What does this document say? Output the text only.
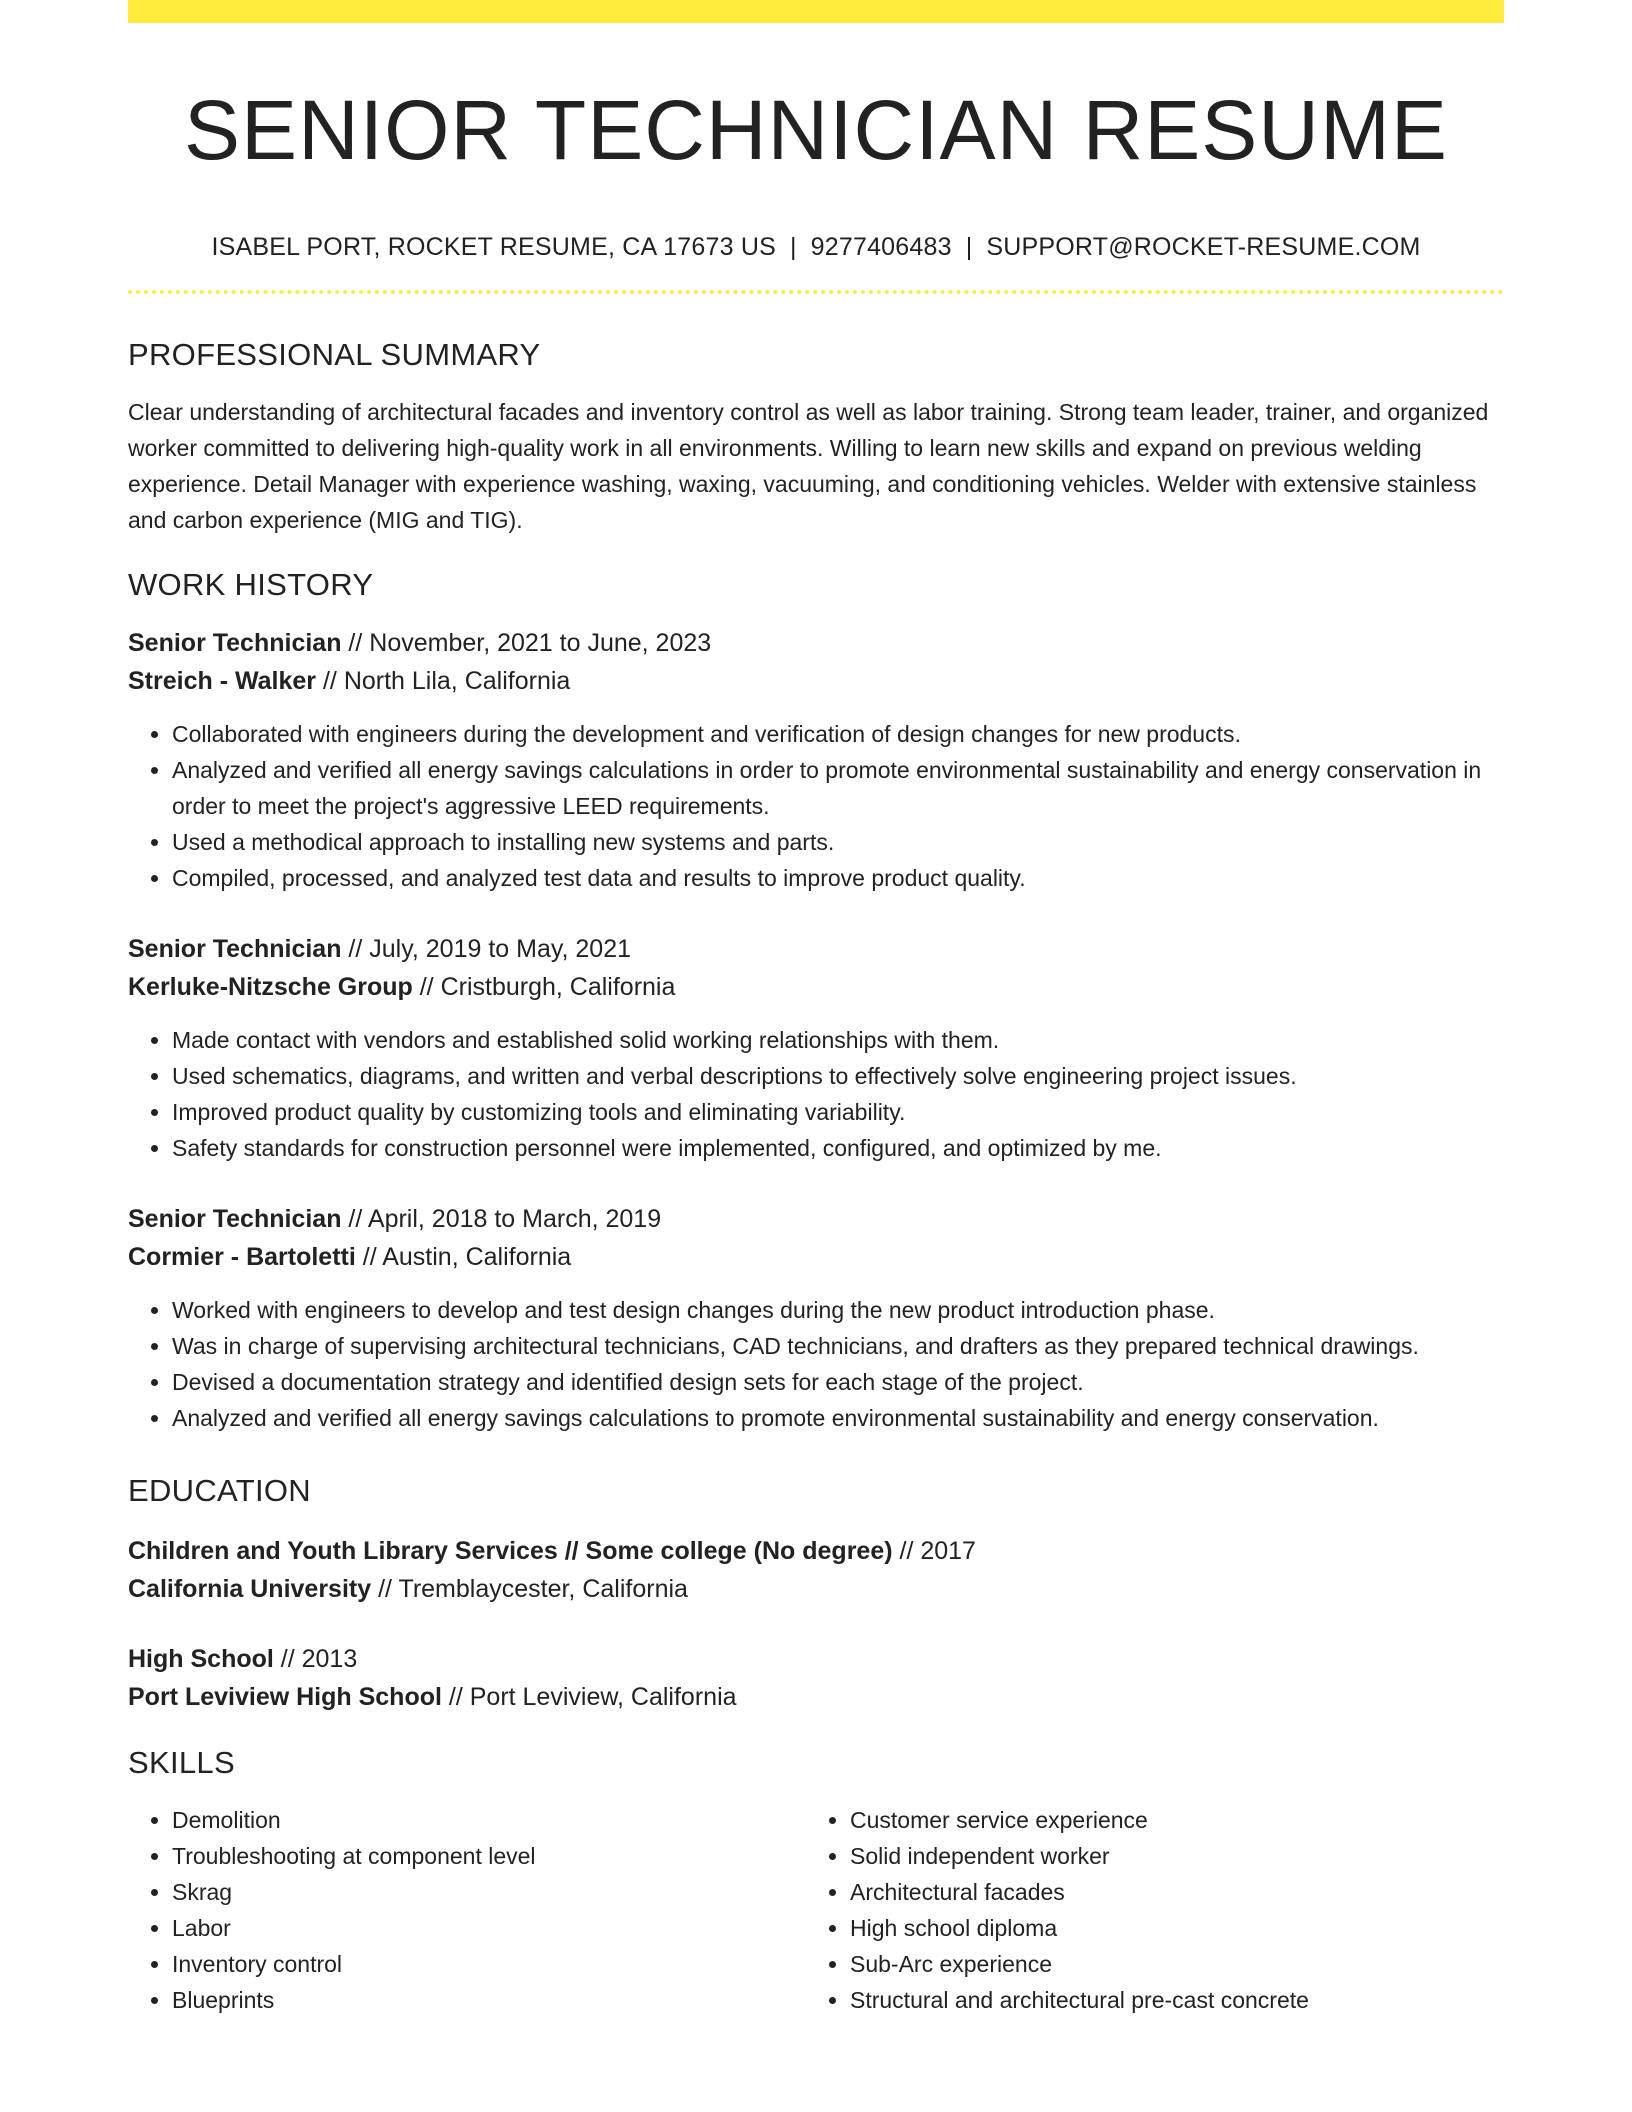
SENIOR TECHNICIAN RESUME
ISABEL PORT, ROCKET RESUME, CA 17673 US | 9277406483 | SUPPORT@ROCKET-RESUME.COM
PROFESSIONAL SUMMARY
Clear understanding of architectural facades and inventory control as well as labor training. Strong team leader, trainer, and organized worker committed to delivering high-quality work in all environments. Willing to learn new skills and expand on previous welding experience. Detail Manager with experience washing, waxing, vacuuming, and conditioning vehicles. Welder with extensive stainless and carbon experience (MIG and TIG).
WORK HISTORY
Senior Technician // November, 2021 to June, 2023
Streich - Walker // North Lila, California
• Collaborated with engineers during the development and verification of design changes for new products.
• Analyzed and verified all energy savings calculations in order to promote environmental sustainability and energy conservation in order to meet the project's aggressive LEED requirements.
• Used a methodical approach to installing new systems and parts.
• Compiled, processed, and analyzed test data and results to improve product quality.
Senior Technician // July, 2019 to May, 2021
Kerluke-Nitzsche Group // Cristburgh, California
• Made contact with vendors and established solid working relationships with them.
• Used schematics, diagrams, and written and verbal descriptions to effectively solve engineering project issues.
• Improved product quality by customizing tools and eliminating variability.
• Safety standards for construction personnel were implemented, configured, and optimized by me.
Senior Technician // April, 2018 to March, 2019
Cormier - Bartoletti // Austin, California
• Worked with engineers to develop and test design changes during the new product introduction phase.
• Was in charge of supervising architectural technicians, CAD technicians, and drafters as they prepared technical drawings.
• Devised a documentation strategy and identified design sets for each stage of the project.
• Analyzed and verified all energy savings calculations to promote environmental sustainability and energy conservation.
EDUCATION
Children and Youth Library Services // Some college (No degree) // 2017
California University // Tremblaycester, California
High School // 2013
Port Leviview High School // Port Leviview, California
SKILLS
• Demolition
• Troubleshooting at component level
• Skrag
• Labor
• Inventory control
• Blueprints
• Customer service experience
• Solid independent worker
• Architectural facades
• High school diploma
• Sub-Arc experience
• Structural and architectural pre-cast concrete
